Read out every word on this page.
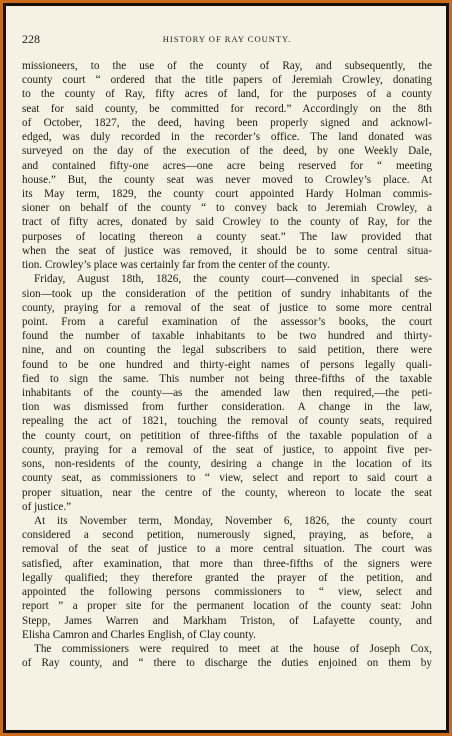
228	HISTORY OF RAY COUNTY.
missioneers, to the use of the county of Ray, and subsequently, the
county court “ ordered that the title papers of Jeremiah Crowley, donating
to the county of Ray, fifty acres of land, for the purposes of a county
seat for said county, be committed for record.” Accordingly on the 8th
of October, 1827, the deed, having been properly signed and acknowl-
edged, was duly recorded in the recorder’s office. The land donated was
surveyed on the day of the execution of the deed, by one Weekly Dale,
and contained fifty-one acres—one acre being reserved for “ meeting
house.” But, the county seat was never moved to Crowley’s place. At
its May term, 1829, the county court appointed Hardy Holman commis-
sioner on behalf of the county “ to convey back to Jeremiah Crowley, a
tract of fifty acres, donated by said Crowley to the county of Ray, for the
purposes of locating thereon a county seat.” The law provided that
when the seat of justice was removed, it should be to some central situa-
tion. Crowley’s place was certainly far from the center of the county.
Friday, August 18th, 1826, the county court—convened in special ses-
sion—took up the consideration of the petition of sundry inhabitants of the
county, praying for a removal of the seat of justice to some more central
point. From a careful examination of the assessor’s books, the court
found the number of taxable inhabitants to be two hundred and thirty-
nine, and on counting the legal subscribers to said petition, there were
found to be one hundred and thirty-eight names of persons legally quali-
fied to sign the same. This number not being three-fifths of the taxable
inhabitants of the county—as the amended law then required,—the peti-
tion was dismissed from further consideration. A change in the law,
repealing the act of 1821, touching the removal of county seats, required
the county court, on petitition of three-fifths of the taxable population of a
county, praying for a removal of the seat of justice, to appoint five per-
sons, non-residents of the county, desiring a change in the location of its
county seat, as commissioners to “ view, select and report to said court a
proper situation, near the centre of the county, whereon to locate the seat
of justice.”
At its November term, Monday, November 6, 1826, the county court
considered a second petition, numerously signed, praying, as before, a
removal of the seat of justice to a more central situation. The court was
satisfied, after examination, that more than three-fifths of the signers were
legally qualified; they therefore granted the prayer of the petition, and
appointed the following persons commissioners to “ view, select and
report ” a proper site for the permanent location of the county seat: John
Stepp, James Warren and Markham Triston, of Lafayette county, and
Elisha Camron and Charles English, of Clay county.
The commissioners were required to meet at the house of Joseph Cox,
of Ray county, and “ there to discharge the duties enjoined on them by
